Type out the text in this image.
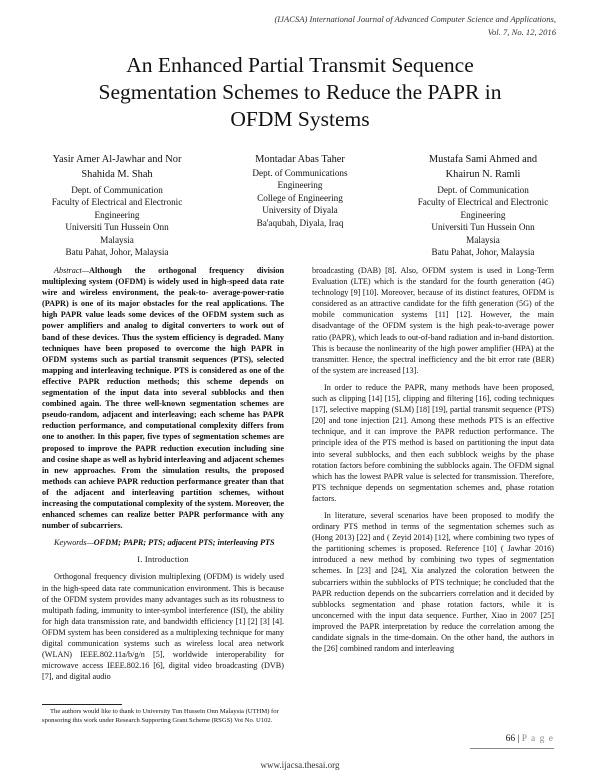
(IJACSA) International Journal of Advanced Computer Science and Applications,
Vol. 7, No. 12, 2016
An Enhanced Partial Transmit Sequence
Segmentation Schemes to Reduce the PAPR in
OFDM Systems
Yasir Amer Al-Jawhar and Nor
Shahida M. Shah
Dept. of Communication
Faculty of Electrical and Electronic
Engineering
Universiti Tun Hussein Onn
Malaysia
Batu Pahat, Johor, Malaysia
Montadar Abas Taher
Dept. of Communications
Engineering
College of Engineering
University of Diyala
Ba'aqubah, Diyala, Iraq
Mustafa Sami Ahmed and
Khairun N. Ramli
Dept. of Communication
Faculty of Electrical and Electronic
Engineering
Universiti Tun Hussein Onn
Malaysia
Batu Pahat, Johor, Malaysia

Abstract—Although the orthogonal frequency division multiplexing system (OFDM) is widely used in high-speed data rate wire and wireless environment, the peak-to- average-power-ratio (PAPR) is one of its major obstacles for the real applications. The high PAPR value leads some devices of the OFDM system such as power amplifiers and analog to digital converters to work out of band of these devices. Thus the system efficiency is degraded. Many techniques have been proposed to overcome the high PAPR in OFDM systems such as partial transmit sequences (PTS), selected mapping and interleaving technique. PTS is considered as one of the effective PAPR reduction methods; this scheme depends on segmentation of the input data into several subblocks and then combined again. The three well-known segmentation schemes are pseudo-random, adjacent and interleaving; each scheme has PAPR reduction performance, and computational complexity differs from one to another. In this paper, five types of segmentation schemes are proposed to improve the PAPR reduction execution including sine and cosine shape as well as hybrid interleaving and adjacent schemes in new approaches. From the simulation results, the proposed methods can achieve PAPR reduction performance greater than that of the adjacent and interleaving partition schemes, without increasing the computational complexity of the system. Moreover, the enhanced schemes can realize better PAPR performance with any number of subcarriers.

Keywords—OFDM; PAPR; PTS; adjacent PTS; interleaving PTS

I. Introduction

Orthogonal frequency division multiplexing (OFDM) is widely used in the high-speed data rate communication environment. This is because of the OFDM system provides many advantages such as its robustness to multipath fading, immunity to inter-symbol interference (ISI), the ability for high data transmission rate, and bandwidth efficiency [1] [2] [3] [4]. OFDM system has been considered as a multiplexing technique for many digital communication systems such as wireless local area network (WLAN) IEEE.802.11a/b/g/n [5], worldwide interoperability for microwave access IEEE.802.16 [6], digital video broadcasting (DVB) [7], and digital audio

broadcasting (DAB) [8]. Also, OFDM system is used in Long-Term Evaluation (LTE) which is the standard for the fourth generation (4G) technology [9] [10]. Moreover, because of its distinct features, OFDM is considered as an attractive candidate for the fifth generation (5G) of the mobile communication systems [11] [12]. However, the main disadvantage of the OFDM system is the high peak-to-average power ratio (PAPR), which leads to out-of-band radiation and in-band distortion. This is because the nonlinearity of the high power amplifier (HPA) at the transmitter. Hence, the spectral inefficiency and the bit error rate (BER) of the system are increased [13].

In order to reduce the PAPR, many methods have been proposed, such as clipping [14] [15], clipping and filtering [16], coding techniques [17], selective mapping (SLM) [18] [19], partial transmit sequence (PTS) [20] and tone injection [21]. Among these methods PTS is an effective technique, and it can improve the PAPR reduction performance. The principle idea of the PTS method is based on partitioning the input data into several subblocks, and then each subblock weighs by the phase rotation factors before combining the subblocks again. The OFDM signal which has the lowest PAPR value is selected for transmission. Therefore, PTS technique depends on segmentation schemes and, phase rotation factors.

In literature, several scenarios have been proposed to modify the ordinary PTS method in terms of the segmentation schemes such as (Hong 2013) [22] and ( Zeyid 2014) [12], where combining two types of the partitioning schemes is proposed. Reference [10] ( Jawhar 2016) introduced a new method by combining two types of segmentation schemes. In [23] and [24], Xia analyzed the coloration between the subcarriers within the subblocks of PTS technique; he concluded that the PAPR reduction depends on the subcarriers correlation and it decided by subblocks segmentation and phase rotation factors, while it is unconcerned with the input data sequence. Further, Xiao in 2007 [25] improved the PAPR interpretation by reduce the correlation among the candidate signals in the time-domain. On the other hand, the authors in the [26] combined random and interleaving

The authors would like to thank to University Tun Hussein Onn Malaysia (UTHM) for sponsoring this work under Research Supporting Grant Scheme (RSGS) Vot No. U102.
66 | P a g e
www.ijacsa.thesai.org
